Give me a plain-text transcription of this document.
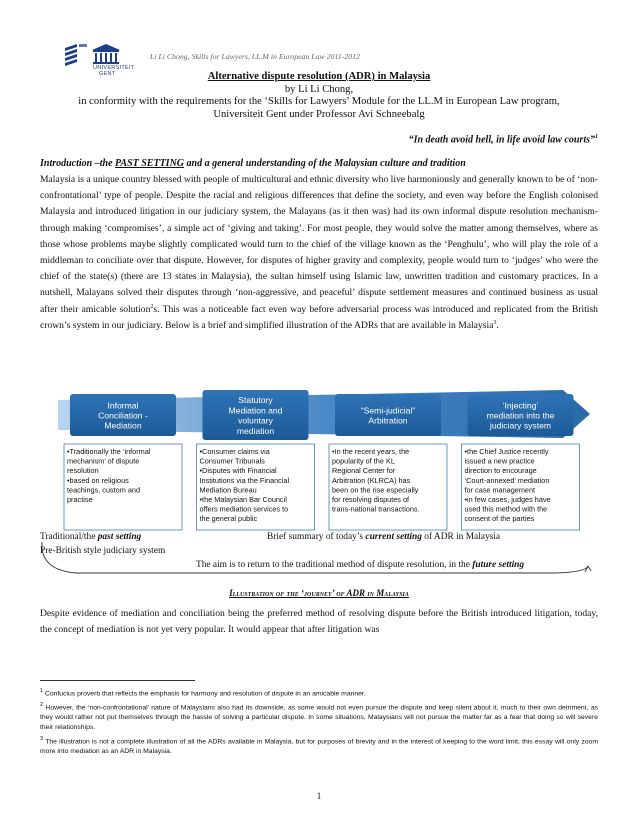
UNIVERSITEIT
GENT
Li Li Chong, Skills for Lawyers, LL.M in European Law 2011-2012
Alternative dispute resolution (ADR) in Malaysia
by Li Li Chong,
in conformity with the requirements for the ‘Skills for Lawyers’ Module for the LL.M in European Law program,
Universiteit Gent under Professor Avi Schneebalg
“In death avoid hell, in life avoid law courts”$^1$
Introduction –the PAST SETTING and a general understanding of the Malaysian culture and tradition

Malaysia is a unique country blessed with people of multicultural and ethnic diversity who live harmoniously and generally known to be of ‘non-confrontational’ type of people. Despite the racial and religious differences that define the society, and even way before the English colonised Malaysia and introduced litigation in our judiciary system, the Malayans (as it then was) had its own informal dispute resolution mechanism- through making ‘compromises’, a simple act of ‘giving and taking’. For most people, they would solve the matter among themselves, where as those whose problems maybe slightly complicated would turn to the chief of the village known as the ‘Penghulu’, who will play the role of a middleman to conciliate over that dispute. However, for disputes of higher gravity and complexity, people would turn to ‘judges’ who were the chief of the state(s) (there are 13 states in Malaysia), the sultan himself using Islamic law, unwritten tradition and customary practices. In a nutshell, Malayans solved their disputes through ‘non-aggressive, and peaceful’ dispute settlement measures and continued business as usual after their amicable solution$^2$s. This was a noticeable fact even way before adversarial process was introduced and replicated from the British crown’s system in our judiciary. Below is a brief and simplified illustration of the ADRs that are available in Malaysia$^3$.

Informal
Conciliation -
Mediation
•Traditionally the ‘informal
mechanism’ of dispute
resolution
•based on religious
teachings, custom and
practise
Statutory
Mediation and
voluntary
mediation
•Consumer claims via
Consumer Tribunals
•Disputes with Financial
Institutions via the Financial
Mediation Bureau
•the Malaysian Bar Council
offers mediation services to
the general public
“Semi-judicial”
Arbitration
•In the recent years, the
popularity of the KL
Regional Center for
Arbitration (KLRCA) has
been on the rise especially
for resolving disputes of
trans-national transactions.
‘Injecting’
mediation into the
judiciary system
•the Chief Justice recently
issued a new practice
direction to encourage
‘Court-annexed’ mediation
for case management
•in few cases, judges have
used this method with the
consent of the parties
Traditional/the past setting	Brief summary of today’s current setting of ADR in Malaysia
Pre-British style judiciary system
The aim is to return to the traditional method of dispute resolution, in the future setting
Illustration of the ‘journey’ of ADR in Malaysia

Despite evidence of mediation and conciliation being the preferred method of resolving dispute before the British introduced litigation, today, the concept of mediation is not yet very popular. It would appear that after litigation was

$^1$ Confucius proverb that reflects the emphasis for harmony and resolution of dispute in an amicable manner.
$^2$ However, the ‘non-confrontational’ nature of Malaysians also had its downside, as some would not even pursue the dispute and keep silent about it, much to their own detriment, as they would rather not put themselves through the hassle of solving a particular dispute. In some situations, Malaysians will not pursue the matter far as a fear that doing so will severe their relationships.
$^3$ The illustration is not a complete illustration of all the ADRs available in Malaysia, but for purposes of brevity and in the interest of keeping to the word limit, this essay will only zoom more into mediation as an ADR in Malaysia.
1
